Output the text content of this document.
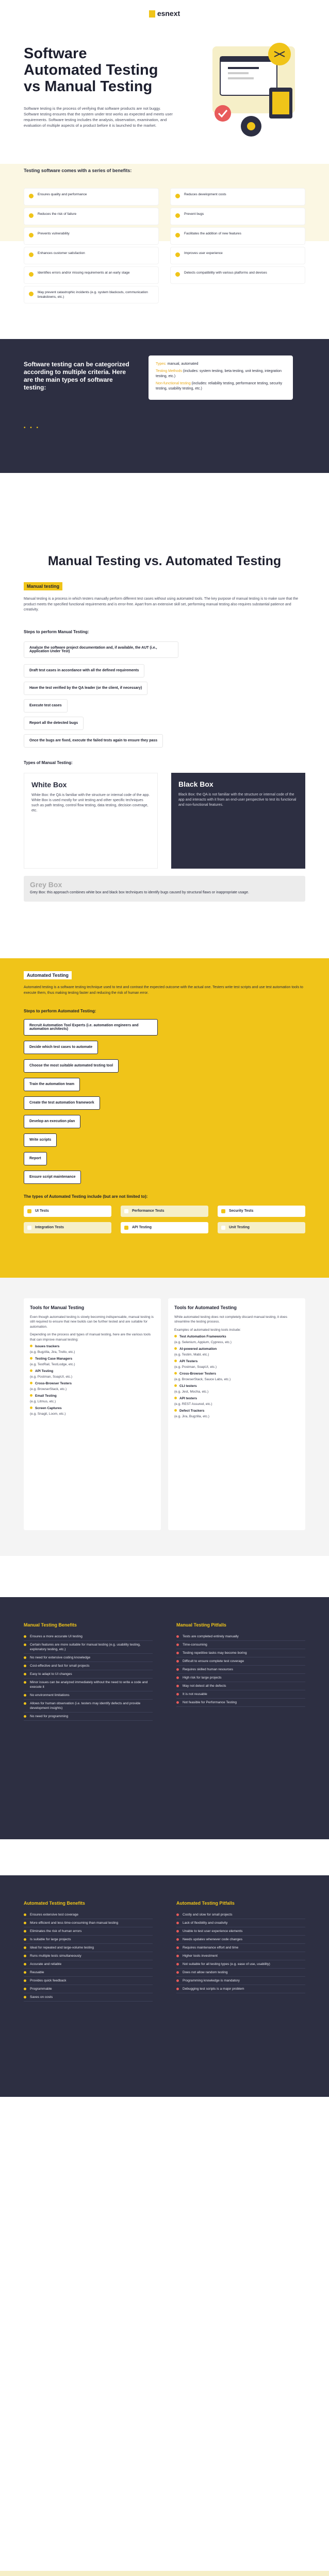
esnext
Software
Automated Testing
vs Manual Testing

Software testing is the process of verifying that software products are not buggy. Software testing ensures that the system under test works as expected and meets user requirements. Software testing includes the analysis, observation, examination, and evaluation of multiple aspects of a product before it is launched to the market.

Testing software comes with a series of benefits:
Ensures quality and performance	Reduces development costs
Reduces the risk of failure	Prevent bugs
Prevents vulnerability	Facilitates the addition of new features
Enhances customer satisfaction	Improves user experience
Identifies errors and/or missing requirements at an early stage	Detects compatibility with various platforms and devices
May prevent catastrophic incidents (e.g. system blackouts, communication breakdowns, etc.)
Software testing can be categorized according to multiple criteria. Here are the main types of software testing:
• • •
Types: manual, automated
Testing Methods (includes: system testing, beta testing, unit testing, integration testing, etc.)
Non-functional testing (includes: reliability testing, performance testing, security testing, usability testing, etc.)
Manual Testing vs. Automated Testing
Manual testing

Manual testing is a process in which testers manually perform different test cases without using automated tools. The key purpose of manual testing is to make sure that the product meets the specified functional requirements and is error-free. Apart from an extensive skill set, performing manual testing also requires substantial patience and creativity.

Steps to perform Manual Testing:
Analyze the software project documentation and, if available, the AUT (i.e., Application Under Test)
Draft test cases in accordance with all the defined requirements
Have the test verified by the QA leader (or the client, if necessary)
Execute test cases
Report all the detected bugs
Once the bugs are fixed, execute the failed tests again to ensure they pass
Types of Manual Testing:
White Box

White Box: the QA is familiar with the structure or internal code of the app. White Box is used mostly for unit testing and other specific techniques such as path testing, control flow testing, data testing, decision coverage, etc.

Black Box

Black Box: the QA is not familiar with the structure or internal code of the app and interacts with it from an end-user perspective to test its functional and non-functional features.

Grey Box

Grey Box: this approach combines white box and black box techniques to identify bugs caused by structural flaws or inappropriate usage.

Automated Testing

Automated testing is a software testing technique used to test and contrast the expected outcome with the actual one. Testers write test scripts and use test automation tools to execute them, thus making testing faster and reducing the risk of human error.

Steps to perform Automated Testing:
Recruit Automation Tool Experts (i.e. automation engineers and automation architects)
Decide which test cases to automate
Choose the most suitable automated testing tool
Train the automation team
Create the test automation framework
Develop an execution plan
Write scripts
Report
Ensure script maintenance
The types of Automated Testing include (but are not limited to):
UI Tests	Performance Tests	Security Tests
Integration Tests	API Testing	Unit Testing
Tools for Manual Testing

Even though automated testing is slowly becoming indispensable, manual testing is still required to ensure that new builds can be further tested and are suitable for automation.

Depending on the process and types of manual testing, here are the various tools that can improve manual testing:

Issues trackers
(e.g. Bugzilla, Jira, Trello, etc.)
Testing Case Managers
(e.g. TestRail, TestLodge, etc.)
API Testing
(e.g. Postman, SoapUI, etc.)
Cross-Browser Testers
(e.g. BrowserStack, etc.)
Email Testing
(e.g. Litmus, etc.)
Screen Captures
(e.g. Snagit, Loom, etc.)
Tools for Automated Testing

While automated testing does not completely discard manual testing, it does streamline the testing process.

Examples of automated testing tools include:

Test Automation Frameworks
(e.g. Selenium, Appium, Cypress, etc.)
AI-powered automation
(e.g. Testim, Mabl, etc.)
API Testers
(e.g. Postman, SoapUI, etc.)
Cross-Browser Testers
(e.g. BrowserStack, Sauce Labs, etc.)
CLI testers
(e.g. Jest, Mocha, etc.)
API testers
(e.g. REST Assured, etc.)
Defect Trackers
(e.g. Jira, Bugzilla, etc.)
Manual Testing Benefits
Ensures a more accurate UI testing
Certain features are more suitable for manual testing (e.g. usability testing, exploratory testing, etc.)
No need for extensive coding knowledge
Cost-effective and fast for small projects
Easy to adapt to UI changes
Minor issues can be analyzed immediately without the need to write a code and execute it
No environment limitations
Allows for human observation (i.e. testers may identify defects and provide development insights)
No need for programming
Manual Testing Pitfalls
Tests are completed entirely manually
Time-consuming
Testing repetitive tasks may become boring
Difficult to ensure complete test coverage
Requires skilled human resources
High risk for large projects
May not detect all the defects
It is not reusable
Not feasible for Performance Testing
Automated Testing Benefits
Ensures extensive test coverage
More efficient and less time-consuming than manual testing
Eliminates the risk of human errors
Is suitable for large projects
Ideal for repeated and large-volume testing
Runs multiple tests simultaneously
Accurate and reliable
Reusable
Provides quick feedback
Programmable
Saves on costs
Automated Testing Pitfalls
Costly and slow for small projects
Lack of flexibility and creativity
Unable to test user experience elements
Needs updates whenever code changes
Requires maintenance effort and time
Higher tools investment
Not suitable for all testing types (e.g. ease of use, usability)
Does not allow random testing
Programming knowledge is mandatory
Debugging test scripts is a major problem
